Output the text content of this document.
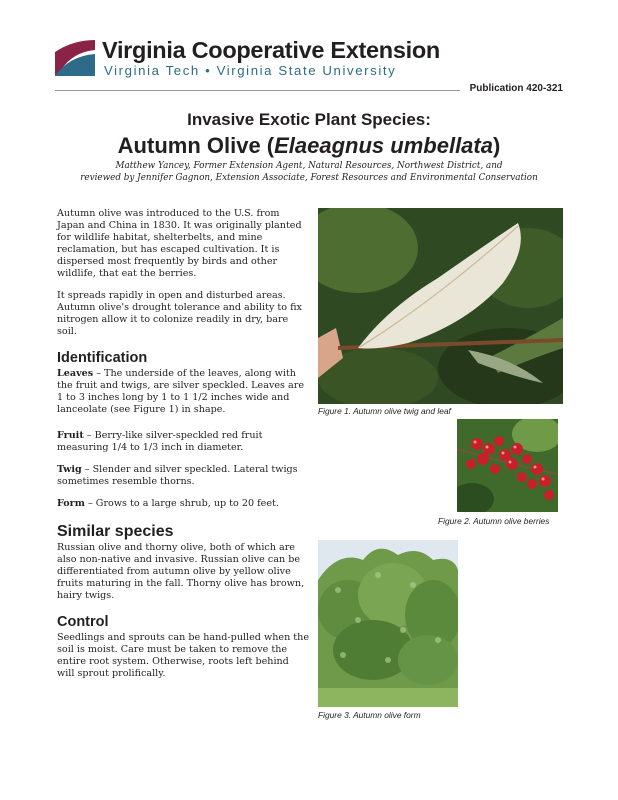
Virginia Cooperative Extension
Virginia Tech • Virginia State University
Publication 420-321
Invasive Exotic Plant Species:
Autumn Olive (Elaeagnus umbellata)
Matthew Yancey, Former Extension Agent, Natural Resources, Northwest District, and
reviewed by Jennifer Gagnon, Extension Associate, Forest Resources and Environmental Conservation

Autumn olive was introduced to the U.S. from Japan and China in 1830. It was originally planted for wildlife habitat, shelterbelts, and mine reclamation, but has escaped cultivation. It is dispersed most frequently by birds and other wildlife, that eat the berries.

It spreads rapidly in open and disturbed areas. Autumn olive's drought tolerance and ability to fix nitrogen allow it to colonize readily in dry, bare soil.

Identification

Leaves – The underside of the leaves, along with the fruit and twigs, are silver speckled. Leaves are 1 to 3 inches long by 1 to 1 1/2 inches wide and lanceolate (see Figure 1) in shape.

Fruit – Berry-like silver-speckled red fruit measuring 1/4 to 1/3 inch in diameter.

Twig – Slender and silver speckled. Lateral twigs sometimes resemble thorns.

Form – Grows to a large shrub, up to 20 feet.

Similar species

Russian olive and thorny olive, both of which are also non-native and invasive. Russian olive can be differentiated from autumn olive by yellow olive fruits maturing in the fall. Thorny olive has brown, hairy twigs.

Control

Seedlings and sprouts can be hand-pulled when the soil is moist. Care must be taken to remove the entire root system. Otherwise, roots left behind will sprout prolifically.

Figure 1. Autumn olive twig and leaf
Figure 2. Autumn olive berries
Figure 3. Autumn olive form
